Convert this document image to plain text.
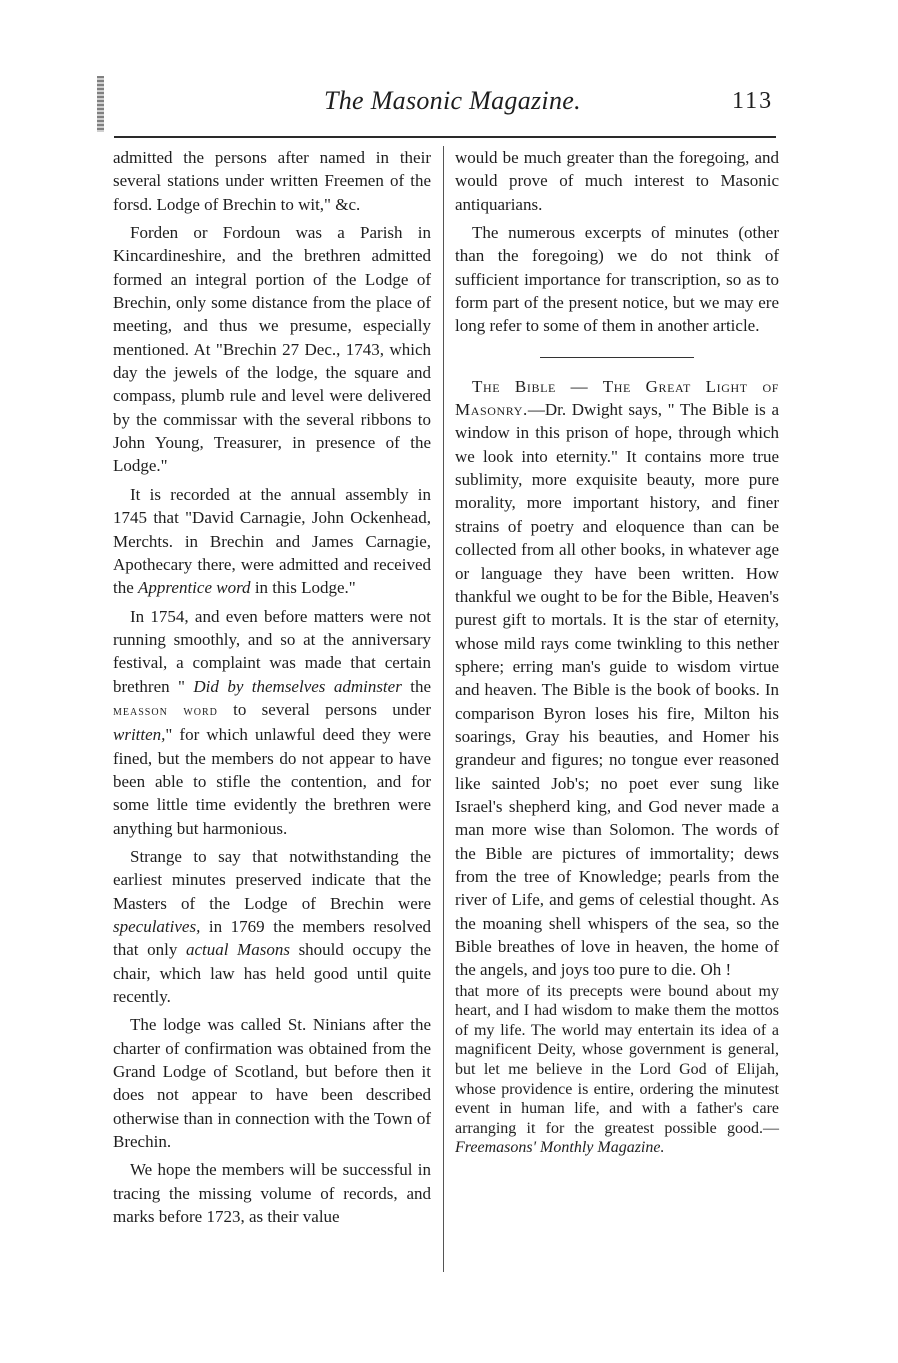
The Masonic Magazine.	113

admitted the persons after named in their several stations under written Freemen of the forsd. Lodge of Brechin to wit," &c.

Forden or Fordoun was a Parish in Kincardineshire, and the brethren admitted formed an integral portion of the Lodge of Brechin, only some distance from the place of meeting, and thus we presume, especially mentioned. At "Brechin 27 Dec., 1743, which day the jewels of the lodge, the square and compass, plumb rule and level were delivered by the commissar with the several ribbons to John Young, Treasurer, in presence of the Lodge."

It is recorded at the annual assembly in 1745 that "David Carnagie, John Ockenhead, Merchts. in Brechin and James Carnagie, Apothecary there, were admitted and received the Apprentice word in this Lodge."

In 1754, and even before matters were not running smoothly, and so at the anniversary festival, a complaint was made that certain brethren " Did by themselves adminster the measson word to several persons under written," for which unlawful deed they were fined, but the members do not appear to have been able to stifle the contention, and for some little time evidently the brethren were anything but harmonious.

Strange to say that notwithstanding the earliest minutes preserved indicate that the Masters of the Lodge of Brechin were speculatives, in 1769 the members resolved that only actual Masons should occupy the chair, which law has held good until quite recently.

The lodge was called St. Ninians after the charter of confirmation was obtained from the Grand Lodge of Scotland, but before then it does not appear to have been described otherwise than in connection with the Town of Brechin.

We hope the members will be successful in tracing the missing volume of records, and marks before 1723, as their value

would be much greater than the foregoing, and would prove of much interest to Masonic antiquarians.

The numerous excerpts of minutes (other than the foregoing) we do not think of sufficient importance for transcription, so as to form part of the present notice, but we may ere long refer to some of them in another article.

The Bible — The Great Light of Masonry.—Dr. Dwight says, " The Bible is a window in this prison of hope, through which we look into eternity." It contains more true sublimity, more exquisite beauty, more pure morality, more important history, and finer strains of poetry and eloquence than can be collected from all other books, in whatever age or language they have been written. How thankful we ought to be for the Bible, Heaven's purest gift to mortals. It is the star of eternity, whose mild rays come twinkling to this nether sphere; erring man's guide to wisdom virtue and heaven. The Bible is the book of books. In comparison Byron loses his fire, Milton his soarings, Gray his beauties, and Homer his grandeur and figures; no tongue ever reasoned like sainted Job's; no poet ever sung like Israel's shepherd king, and God never made a man more wise than Solomon. The words of the Bible are pictures of immortality; dews from the tree of Knowledge; pearls from the river of Life, and gems of celestial thought. As the moaning shell whispers of the sea, so the Bible breathes of love in heaven, the home of the angels, and joys too pure to die. Oh !

that more of its precepts were bound about my heart, and I had wisdom to make them the mottos of my life. The world may entertain its idea of a magnificent Deity, whose government is general, but let me believe in the Lord God of Elijah, whose providence is entire, ordering the minutest event in human life, and with a father's care arranging it for the greatest possible good.—Freemasons' Monthly Magazine.
